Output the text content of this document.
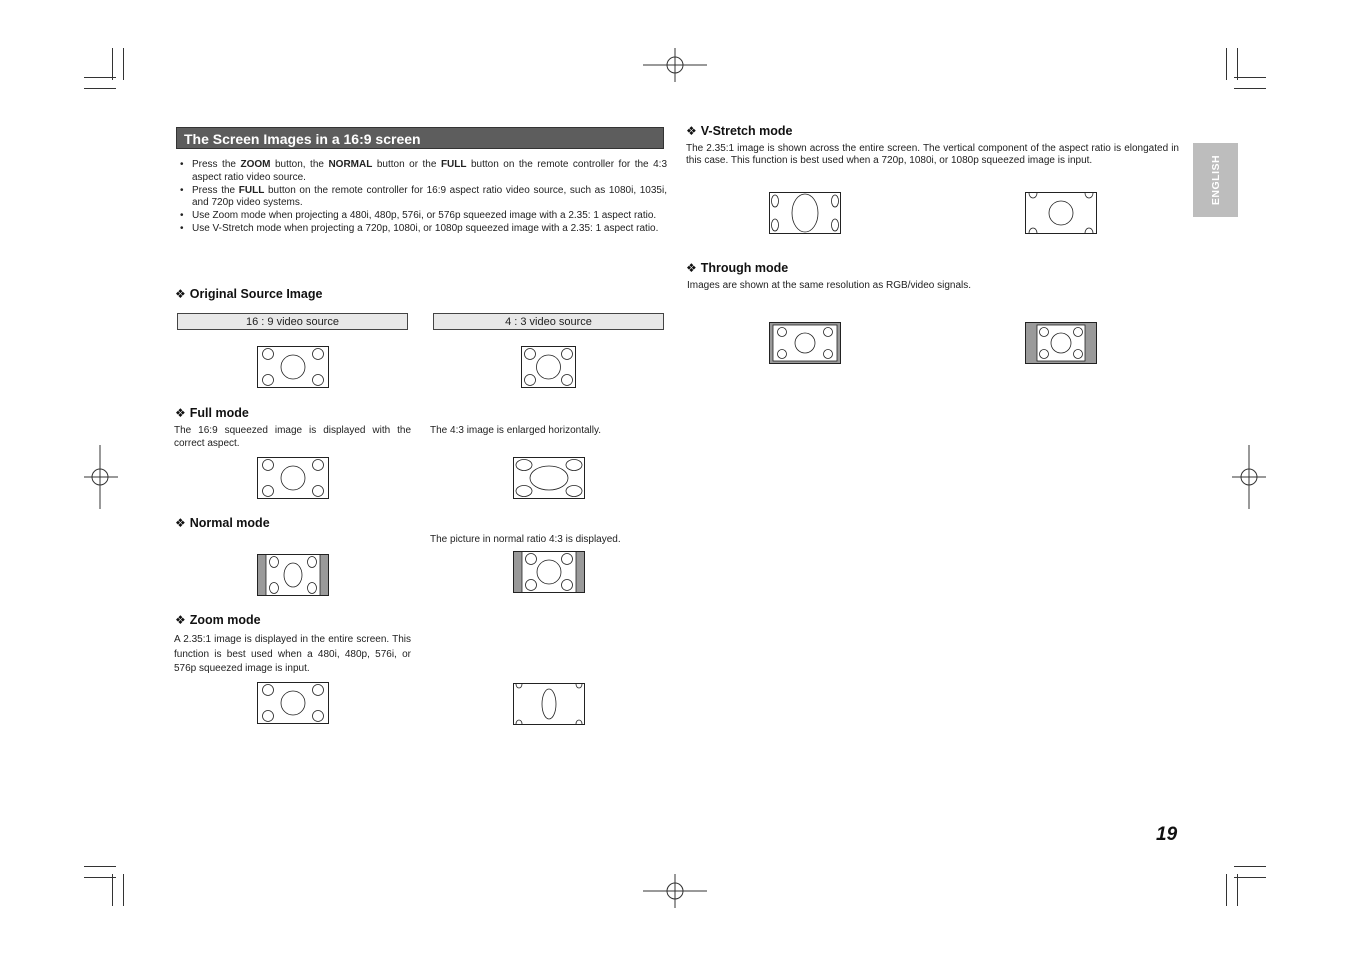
The Screen Images in a 16:9 screen
• Press the ZOOM button, the NORMAL button or the FULL button on the remote controller for the 4:3 aspect ratio video source.
• Press the FULL button on the remote controller for 16:9 aspect ratio video source, such as 1080i, 1035i, and 720p video systems.
• Use Zoom mode when projecting a 480i, 480p, 576i, or 576p squeezed image with a 2.35: 1 aspect ratio.
• Use V-Stretch mode when projecting a 720p, 1080i, or 1080p squeezed image with a 2.35: 1 aspect ratio.
❖ Original Source Image
16 : 9 video source	4 : 3 video source
❖ Full mode
The 16:9 squeezed image is displayed with the correct aspect.
The 4:3 image is enlarged horizontally.
❖ Normal mode
The picture in normal ratio 4:3 is displayed.
❖ Zoom mode
A 2.35:1 image is displayed in the entire screen. This function is best used when a 480i, 480p, 576i, or 576p squeezed image is input.
❖ V-Stretch mode
The 2.35:1 image is shown across the entire screen. The vertical component of the aspect ratio is elongated in this case. This function is best used when a 720p, 1080i, or 1080p squeezed image is input.
❖ Through mode
Images are shown at the same resolution as RGB/video signals.
ENGLISH
19
